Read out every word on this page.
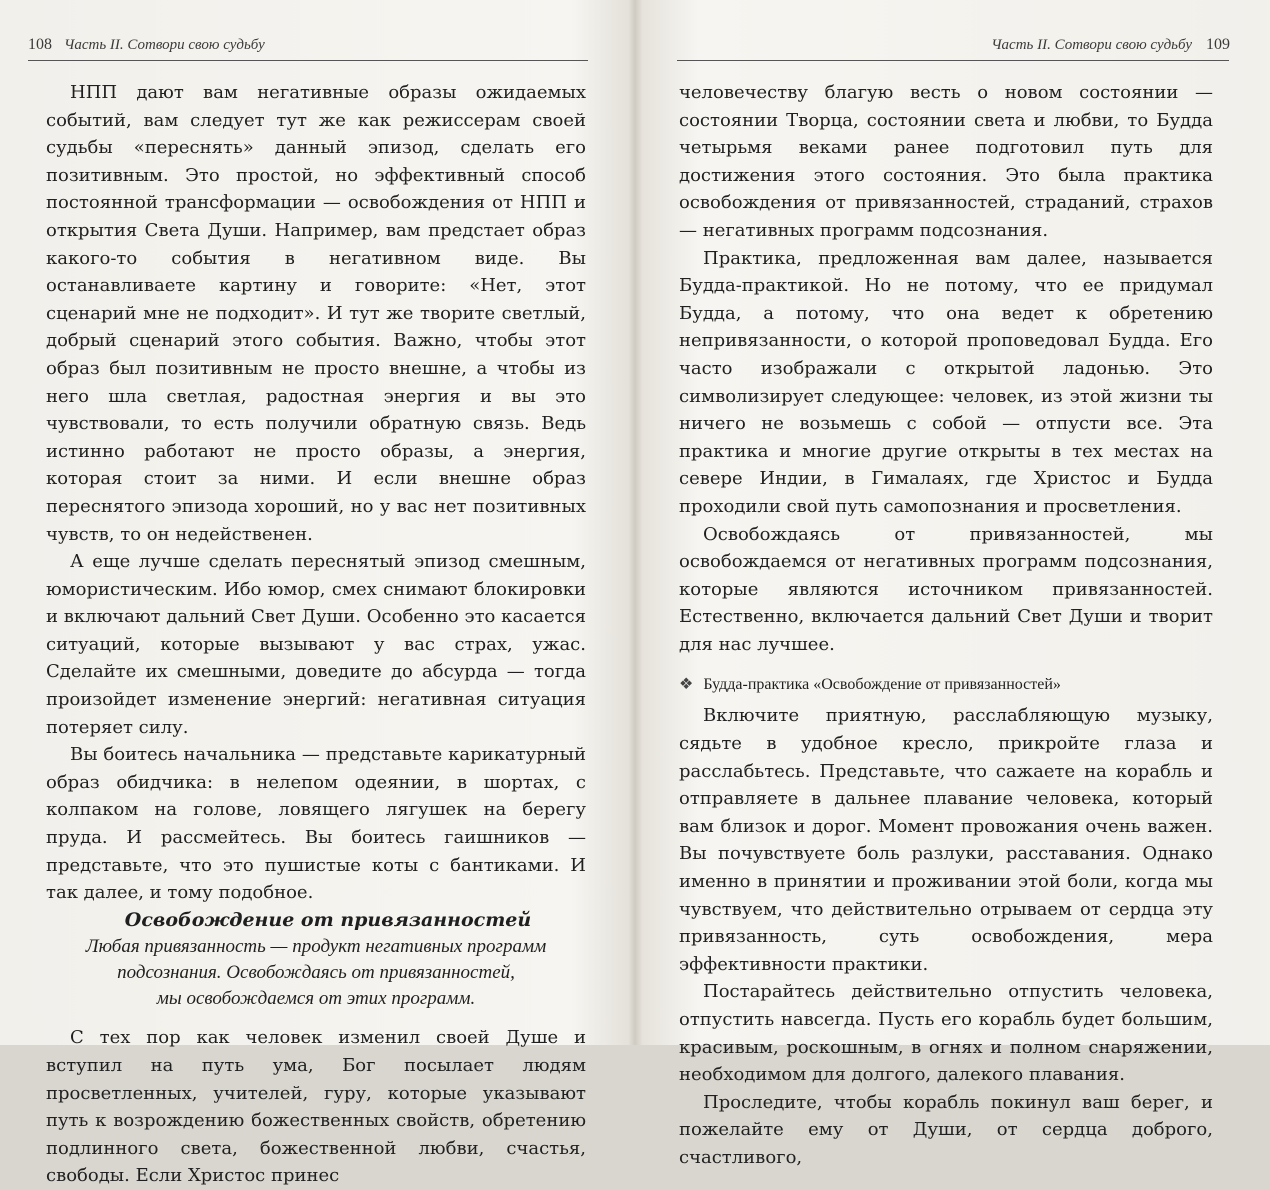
108 Часть II. Сотвори свою судьбу

НПП дают вам негативные образы ожидаемых событий, вам следует тут же как режиссерам своей судьбы «переснять» данный эпизод, сделать его позитивным. Это простой, но эффективный способ постоянной трансформации — освобождения от НПП и открытия Света Души. Например, вам предстает образ какого-то события в негативном виде. Вы останавливаете картину и говорите: «Нет, этот сценарий мне не подходит». И тут же творите светлый, добрый сценарий этого события. Важно, чтобы этот образ был позитивным не просто внешне, а чтобы из него шла светлая, радостная энергия и вы это чувствовали, то есть получили обратную связь. Ведь истинно работают не просто образы, а энергия, которая стоит за ними. И если внешне образ переснятого эпизода хороший, но у вас нет позитивных чувств, то он недейственен.

А еще лучше сделать переснятый эпизод смешным, юмористическим. Ибо юмор, смех снимают блокировки и включают дальний Свет Души. Особенно это касается ситуаций, которые вызывают у вас страх, ужас. Сделайте их смешными, доведите до абсурда — тогда произойдет изменение энергий: негативная ситуация потеряет силу.

Вы боитесь начальника — представьте карикатурный образ обидчика: в нелепом одеянии, в шортах, с колпаком на голове, ловящего лягушек на берегу пруда. И рассмейтесь. Вы боитесь гаишников — представьте, что это пушистые коты с бантиками. И так далее, и тому подобное.

Освобождение от привязанностей

Любая привязанность — продукт негативных программ
подсознания. Освобождаясь от привязанностей,
мы освобождаемся от этих программ.

С тех пор как человек изменил своей Душе и вступил на путь ума, Бог посылает людям просветленных, учителей, гуру, которые указывают путь к возрождению божественных свойств, обретению подлинного света, божественной любви, счастья, свободы. Если Христос принес

Часть II. Сотвори свою судьбу 109

человечеству благую весть о новом состоянии — состоянии Творца, состоянии света и любви, то Будда четырьмя веками ранее подготовил путь для достижения этого состояния. Это была практика освобождения от привязанностей, страданий, страхов — негативных программ подсознания.

Практика, предложенная вам далее, называется Будда-практикой. Но не потому, что ее придумал Будда, а потому, что она ведет к обретению непривязанности, о которой проповедовал Будда. Его часто изображали с открытой ладонью. Это символизирует следующее: человек, из этой жизни ты ничего не возьмешь с собой — отпусти все. Эта практика и многие другие открыты в тех местах на севере Индии, в Гималаях, где Христос и Будда проходили свой путь самопознания и просветления.

Освобождаясь от привязанностей, мы освобождаемся от негативных программ подсознания, которые являются источником привязанностей. Естественно, включается дальний Свет Души и творит для нас лучшее.

❖ Будда-практика «Освобождение от привязанностей»

Включите приятную, расслабляющую музыку, сядьте в удобное кресло, прикройте глаза и расслабьтесь. Представьте, что сажаете на корабль и отправляете в дальнее плавание человека, который вам близок и дорог. Момент провожания очень важен. Вы почувствуете боль разлуки, расставания. Однако именно в принятии и проживании этой боли, когда мы чувствуем, что действительно отрываем от сердца эту привязанность, суть освобождения, мера эффективности практики.

Постарайтесь действительно отпустить человека, отпустить навсегда. Пусть его корабль будет большим, красивым, роскошным, в огнях и полном снаряжении, необходимом для долгого, далекого плавания.

Проследите, чтобы корабль покинул ваш берег, и пожелайте ему от Души, от сердца доброго, счастливого,
